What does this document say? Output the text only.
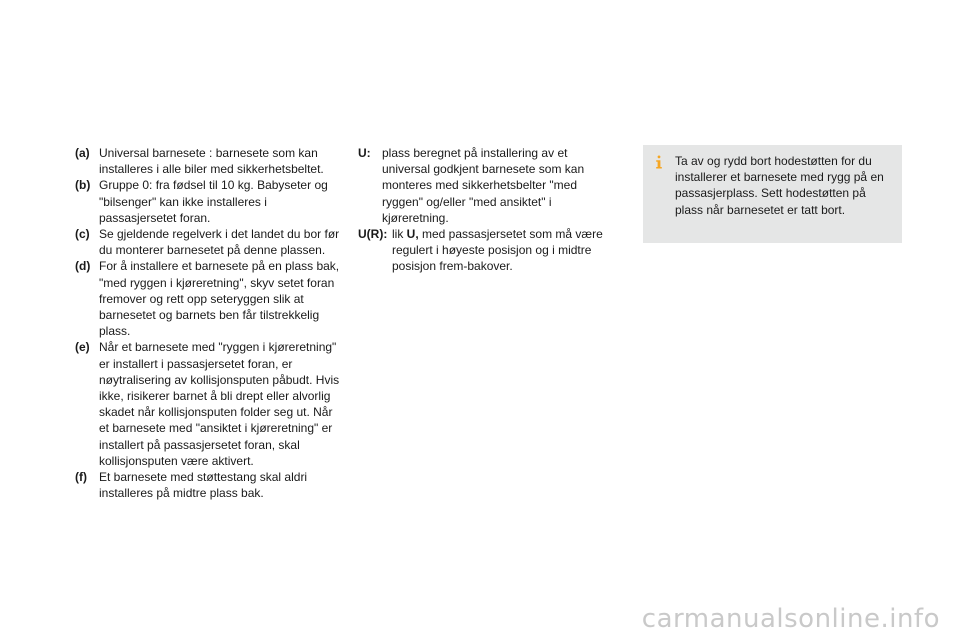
(a) Universal barnesete : barnesete som kan installeres i alle biler med sikkerhetsbeltet.
(b) Gruppe 0: fra fødsel til 10 kg. Babyseter og "bilsenger" kan ikke installeres i passasjersetet foran.
(c) Se gjeldende regelverk i det landet du bor før du monterer barnesetet på denne plassen.
(d) For å installere et barnesete på en plass bak, "med ryggen i kjøreretning", skyv setet foran fremover og rett opp seteryggen slik at barnesetet og barnets ben får tilstrekkelig plass.
(e) Når et barnesete med "ryggen i kjøreretning" er installert i passasjersetet foran, er nøytralisering av kollisjonsputen påbudt. Hvis ikke, risikerer barnet å bli drept eller alvorlig skadet når kollisjonsputen folder seg ut. Når et barnesete med "ansiktet i kjøreretning" er installert på passasjersetet foran, skal kollisjonsputen være aktivert.
(f)	Et barnesete med støttestang skal aldri installeres på midtre plass bak.
U: plass beregnet på installering av et universal godkjent barnesete som kan monteres med sikkerhetsbelter "med ryggen" og/eller "med ansiktet" i kjøreretning.
U(R): lik U, med passasjersetet som må være regulert i høyeste posisjon og i midtre posisjon frem-bakover.
Ta av og rydd bort hodestøtten for du installerer et barnesete med rygg på en passasjerplass. Sett hodestøtten på plass når barnesetet er tatt bort.
carmanualsonline.info
